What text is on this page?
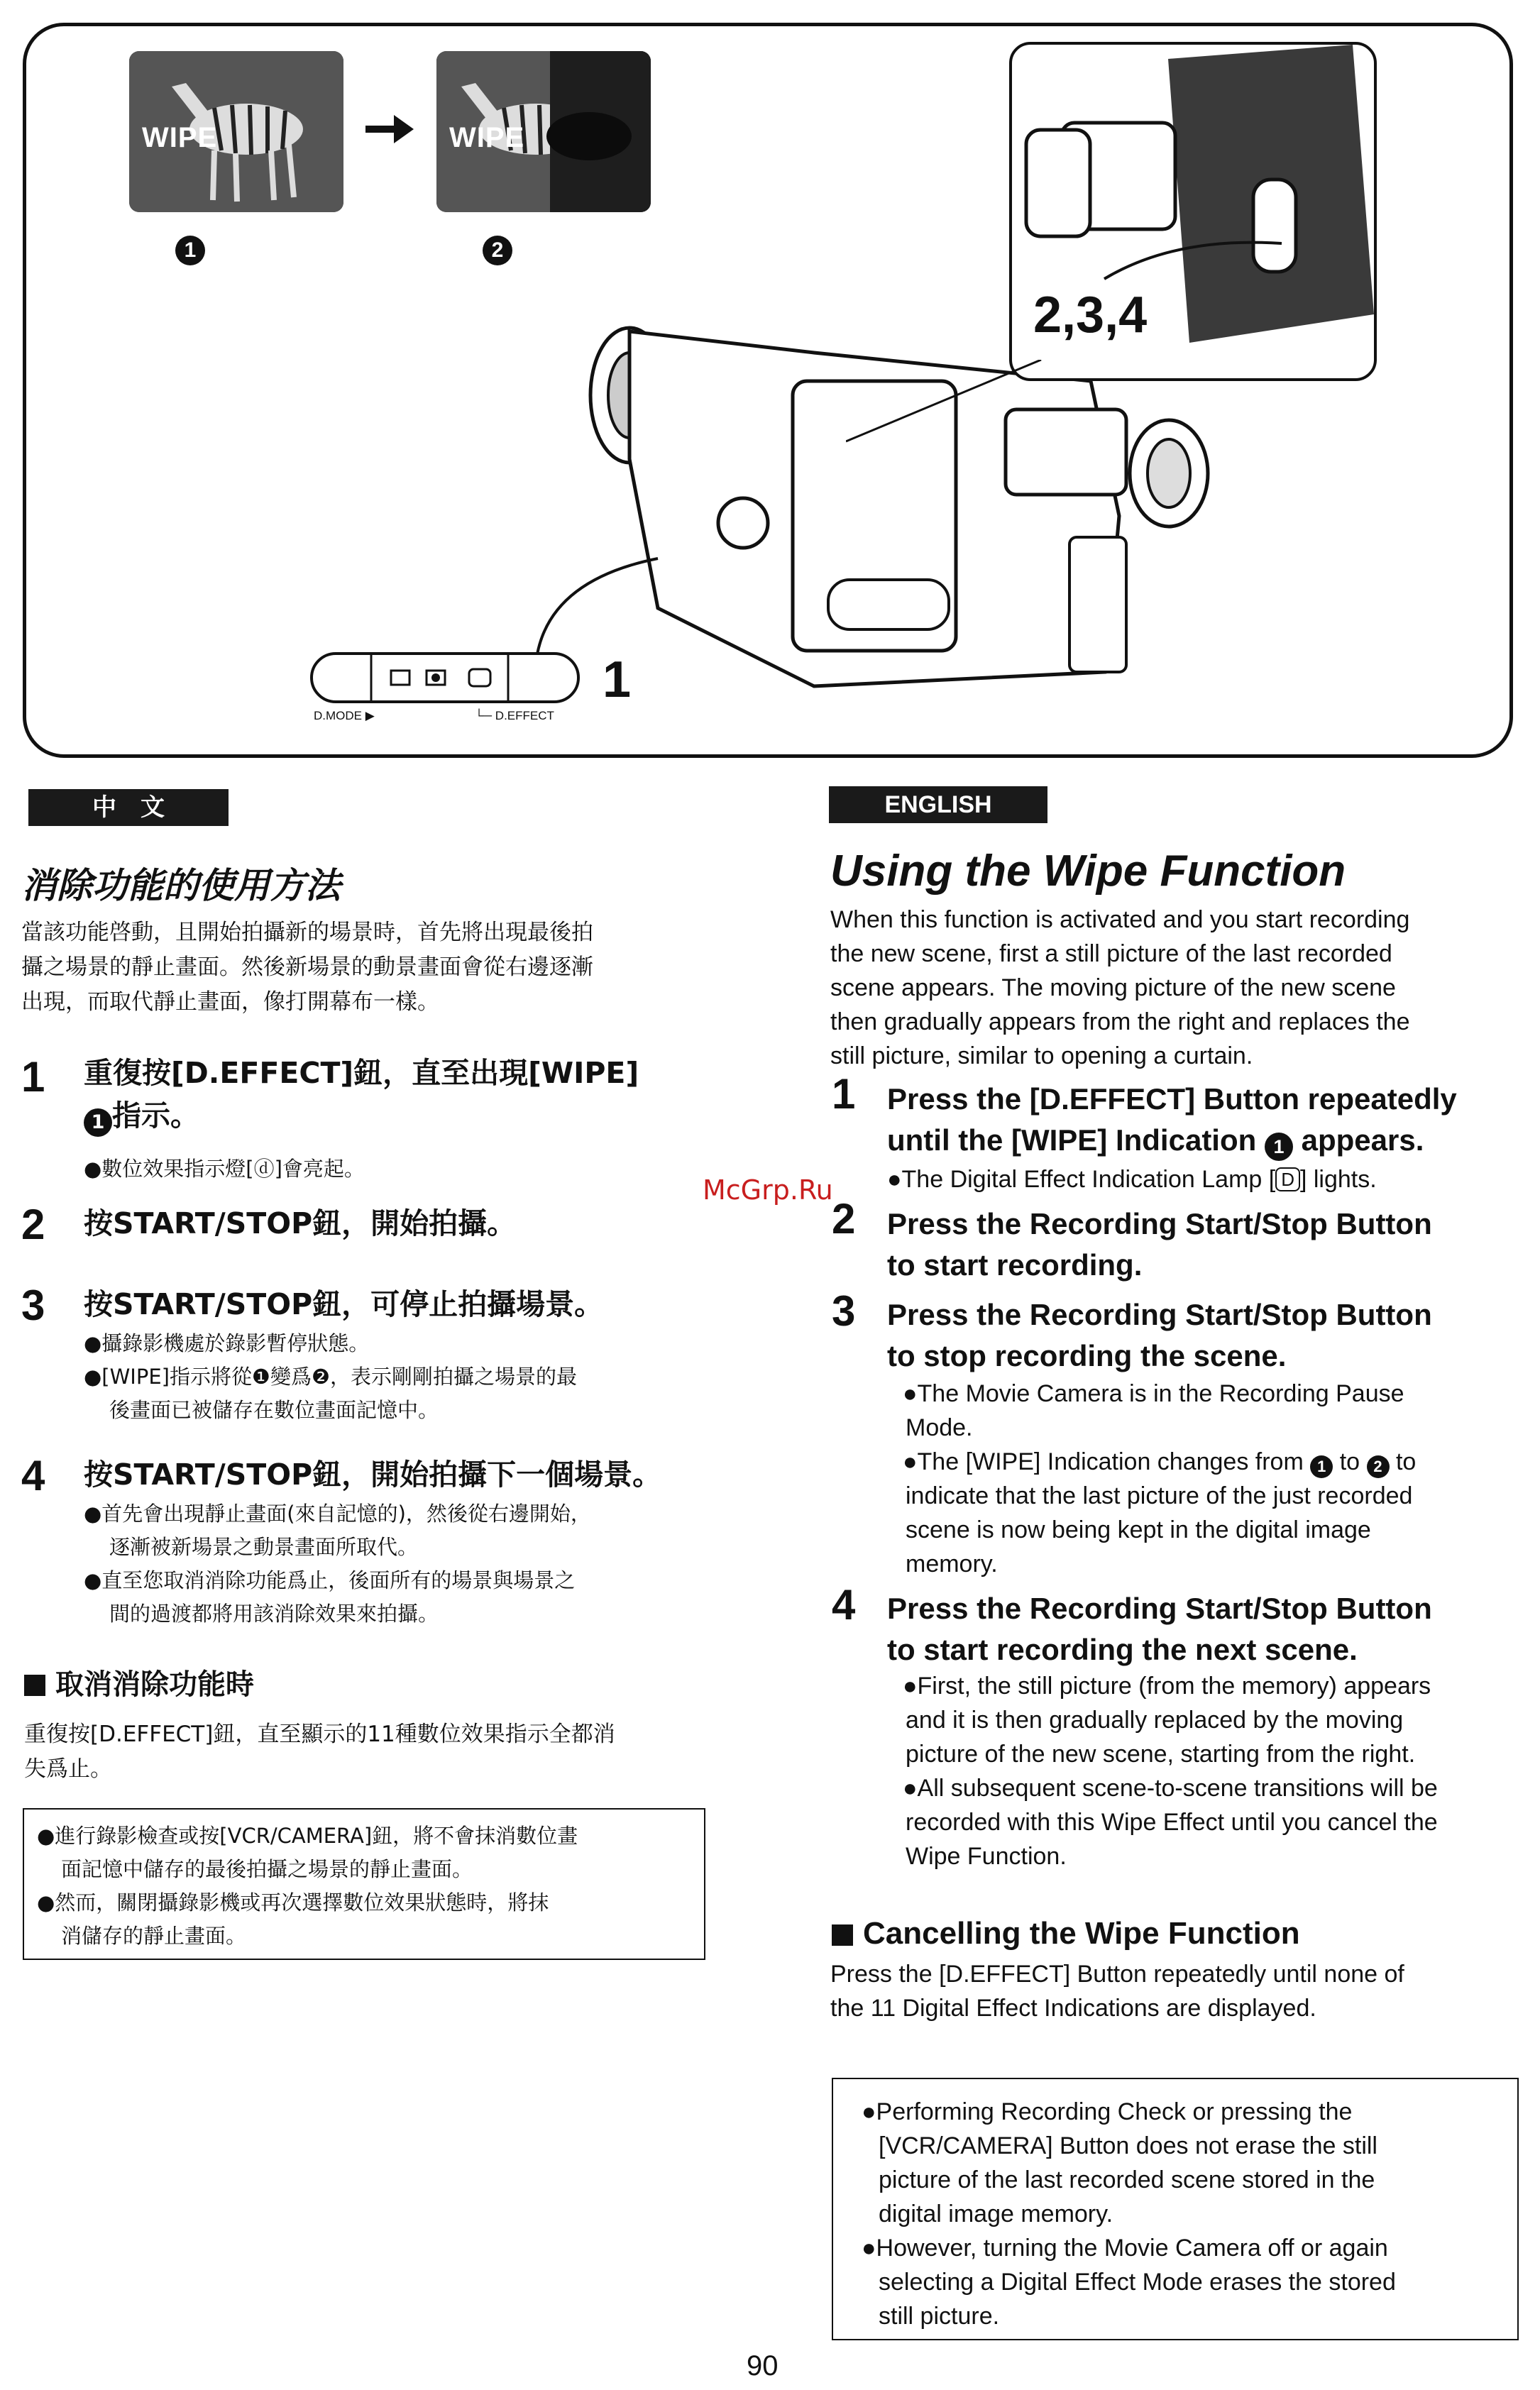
WIPE	WIPE
1	2
2,3,4
1
D.MODE ▶	└─ D.EFFECT
中　文
消除功能的使用方法
當該功能啓動，且開始拍攝新的場景時，首先將出現最後拍
攝之場景的靜止畫面。然後新場景的動景畫面會從右邊逐漸
出現，而取代靜止畫面，像打開幕布一樣。
1 重復按[D.EFFECT]鈕，直至出現[WIPE]
1 指示。
●數位效果指示燈[ⓓ]會亮起。
2 按START/STOP鈕，開始拍攝。
3 按START/STOP鈕，可停止拍攝場景。
●攝錄影機處於錄影暫停狀態。
●[WIPE]指示將從❶變爲❷，表示剛剛拍攝之場景的最
後畫面已被儲存在數位畫面記憶中。
4 按START/STOP鈕，開始拍攝下一個場景。
●首先會出現靜止畫面(來自記憶的)，然後從右邊開始，
逐漸被新場景之動景畫面所取代。
●直至您取消消除功能爲止，後面所有的場景與場景之
間的過渡都將用該消除效果來拍攝。
取消消除功能時
重復按[D.EFFECT]鈕，直至顯示的11種數位效果指示全都消
失爲止。
●進行錄影檢查或按[VCR/CAMERA]鈕，將不會抹消數位畫
面記憶中儲存的最後拍攝之場景的靜止畫面。
●然而，關閉攝錄影機或再次選擇數位效果狀態時，將抹
消儲存的靜止畫面。
McGrp.Ru
ENGLISH
Using the Wipe Function
When this function is activated and you start recording
the new scene, first a still picture of the last recorded
scene appears. The moving picture of the new scene
then gradually appears from the right and replaces the
still picture, similar to opening a curtain.
1 Press the [D.EFFECT] Button repeatedly
until the [WIPE] Indication 1 appears.
●The Digital Effect Indication Lamp [ D ] lights.
2 Press the Recording Start/Stop Button
to start recording.
3 Press the Recording Start/Stop Button
to stop recording the scene.
●The Movie Camera is in the Recording Pause
Mode.
●The [WIPE] Indication changes from 1 to 2 to
indicate that the last picture of the just recorded
scene is now being kept in the digital image
memory.
4 Press the Recording Start/Stop Button
to start recording the next scene.
●First, the still picture (from the memory) appears
and it is then gradually replaced by the moving
picture of the new scene, starting from the right.
●All subsequent scene-to-scene transitions will be
recorded with this Wipe Effect until you cancel the
Wipe Function.
Cancelling the Wipe Function
Press the [D.EFFECT] Button repeatedly until none of
the 11 Digital Effect Indications are displayed.
●Performing Recording Check or pressing the
[VCR/CAMERA] Button does not erase the still
picture of the last recorded scene stored in the
digital image memory.
●However, turning the Movie Camera off or again
selecting a Digital Effect Mode erases the stored
still picture.
90
